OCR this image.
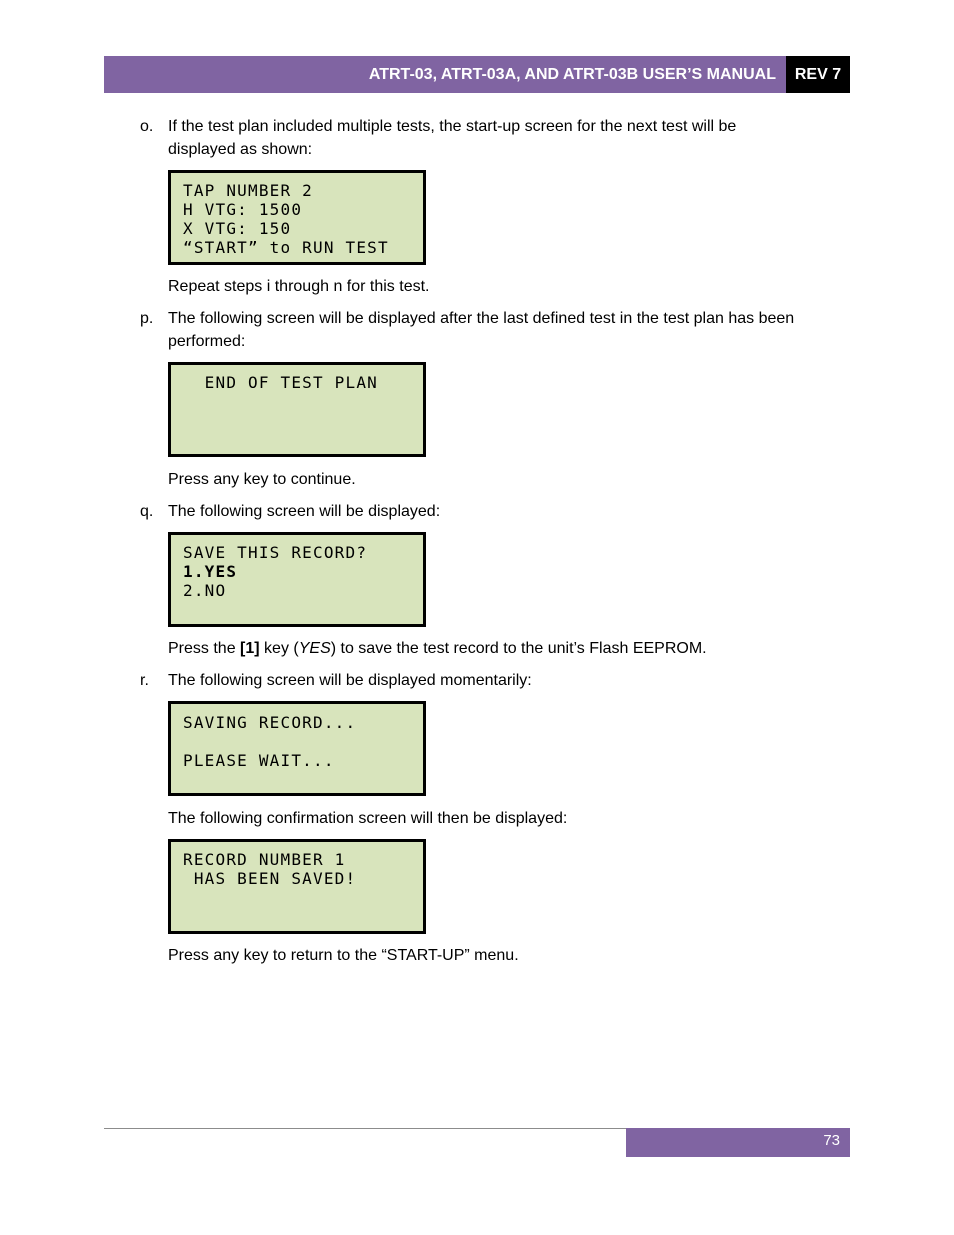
ATRT-03, ATRT-03A, AND ATRT-03B USER’S MANUAL	REV 7
o. If the test plan included multiple tests, the start-up screen for the next test will be displayed as shown:
TAP NUMBER 2
H VTG: 1500
X VTG: 150
“START” to RUN TEST
Repeat steps i through n for this test.
p. The following screen will be displayed after the last defined test in the test plan has been performed:
END OF TEST PLAN
Press any key to continue.
q. The following screen will be displayed:
SAVE THIS RECORD?
1.YES
2.NO
Press the [1] key (YES) to save the test record to the unit’s Flash EEPROM.
r. The following screen will be displayed momentarily:
SAVING RECORD...
PLEASE WAIT...
The following confirmation screen will then be displayed:
RECORD NUMBER 1
HAS BEEN SAVED!
Press any key to return to the “START-UP” menu.
73
